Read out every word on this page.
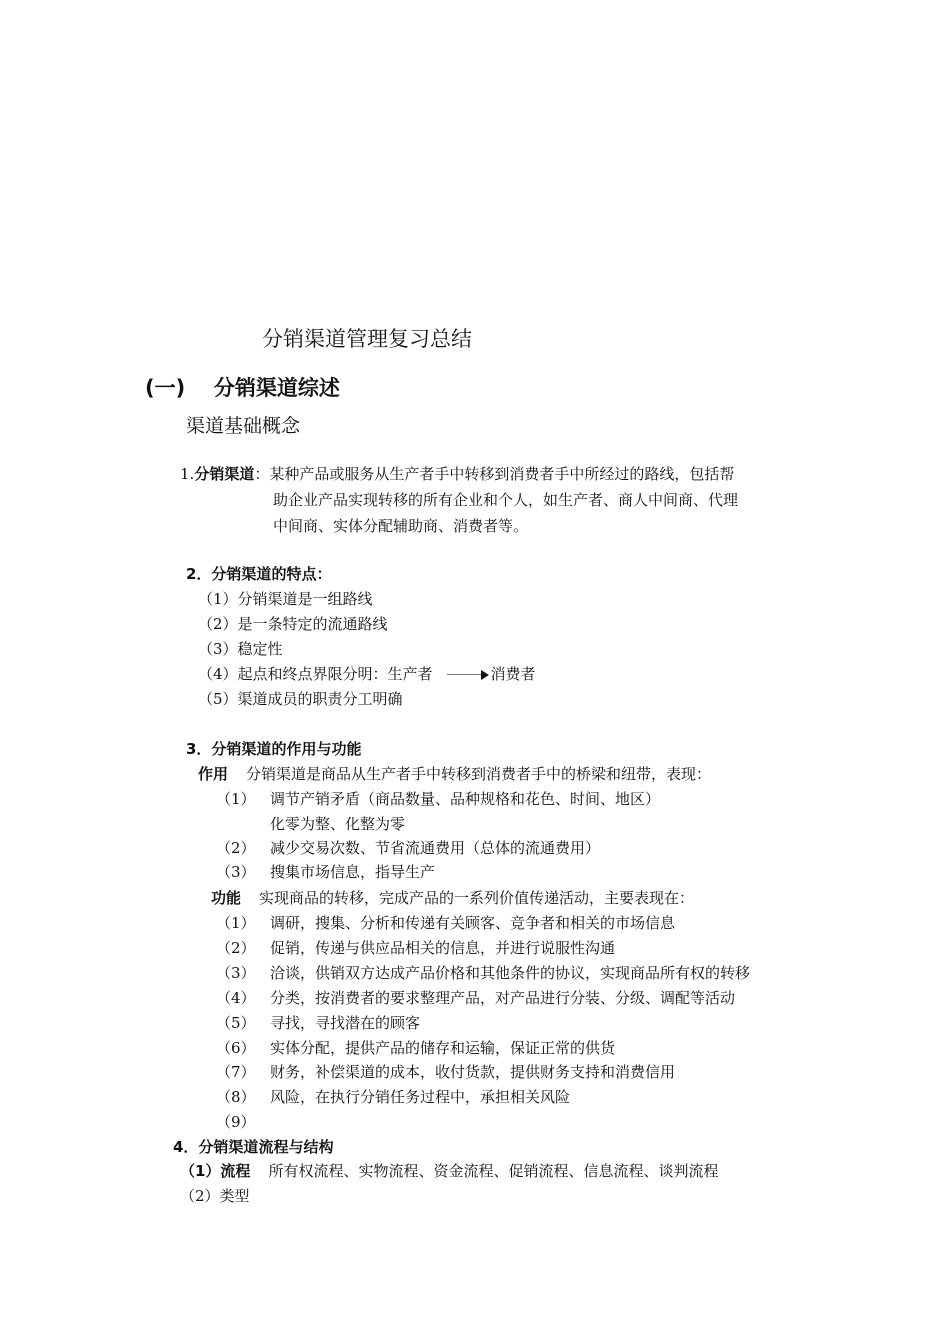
分销渠道管理复习总结
(一) 分销渠道综述
渠道基础概念
1.分销渠道：某种产品或服务从生产者手中转移到消费者手中所经过的路线，包括帮
助企业产品实现转移的所有企业和个人，如生产者、商人中间商、代理
中间商、实体分配辅助商、消费者等。
2．分销渠道的特点：
（1）分销渠道是一组路线
（2）是一条特定的流通路线
（3）稳定性
（4）起点和终点界限分明：生产者	消费者
（5）渠道成员的职责分工明确
3．分销渠道的作用与功能
作用 分销渠道是商品从生产者手中转移到消费者手中的桥梁和纽带，表现：
（1） 调节产销矛盾（商品数量、品种规格和花色、时间、地区）
化零为整、化整为零
（2） 减少交易次数、节省流通费用（总体的流通费用）
（3） 搜集市场信息，指导生产
功能 实现商品的转移，完成产品的一系列价值传递活动，主要表现在：
（1） 调研，搜集、分析和传递有关顾客、竞争者和相关的市场信息
（2） 促销，传递与供应品相关的信息，并进行说服性沟通
（3） 洽谈，供销双方达成产品价格和其他条件的协议，实现商品所有权的转移
（4） 分类，按消费者的要求整理产品，对产品进行分装、分级、调配等活动
（5） 寻找，寻找潜在的顾客
（6） 实体分配，提供产品的储存和运输，保证正常的供货
（7） 财务，补偿渠道的成本，收付货款，提供财务支持和消费信用
（8） 风险，在执行分销任务过程中，承担相关风险
（9）
4．分销渠道流程与结构
（1）流程 所有权流程、实物流程、资金流程、促销流程、信息流程、谈判流程
（2）类型
